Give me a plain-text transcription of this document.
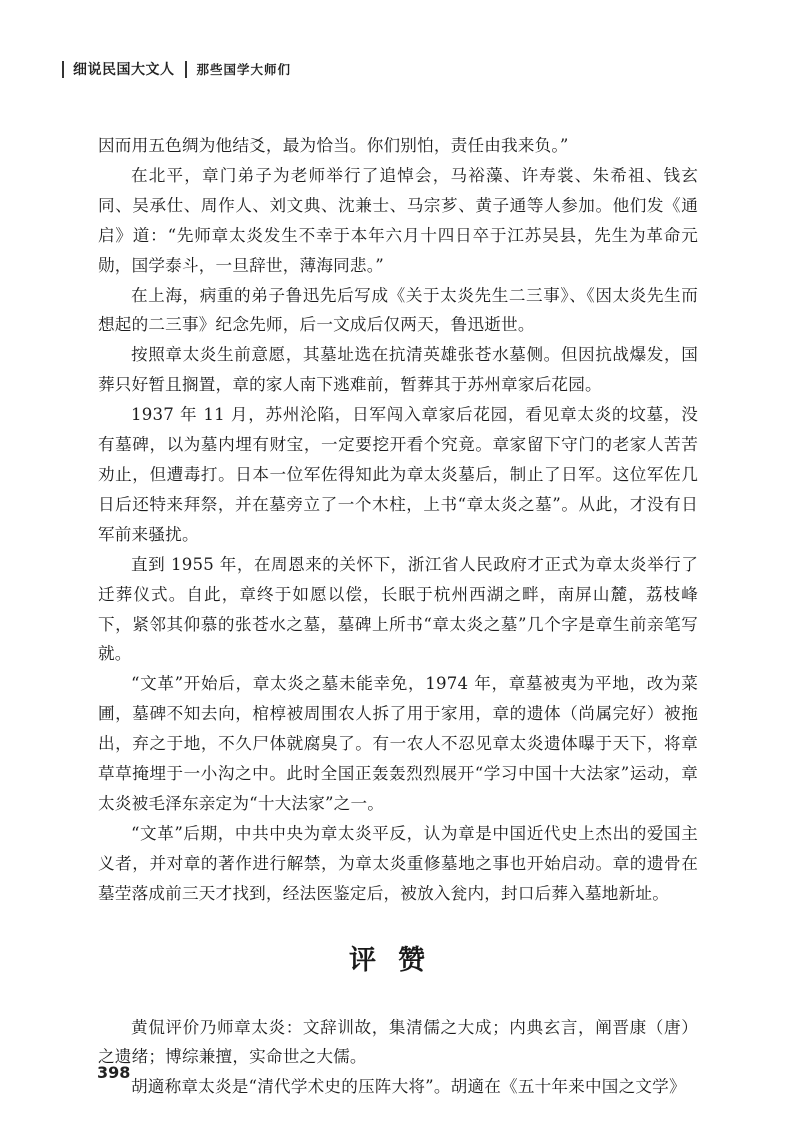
细说民国大文人 那些国学大师们

因而用五色绸为他结爻，最为恰当。你们别怕，责任由我来负。”

在北平，章门弟子为老师举行了追悼会，马裕藻、许寿裳、朱希祖、钱玄同、吴承仕、周作人、刘文典、沈兼士、马宗芗、黄子通等人参加。他们发《通启》道：“先师章太炎发生不幸于本年六月十四日卒于江苏吴县，先生为革命元勋，国学泰斗，一旦辞世，薄海同悲。”

在上海，病重的弟子鲁迅先后写成《关于太炎先生二三事》、《因太炎先生而想起的二三事》纪念先师，后一文成后仅两天，鲁迅逝世。

按照章太炎生前意愿，其墓址选在抗清英雄张苍水墓侧。但因抗战爆发，国葬只好暂且搁置，章的家人南下逃难前，暂葬其于苏州章家后花园。

1937 年 11 月，苏州沦陷，日军闯入章家后花园，看见章太炎的坟墓，没有墓碑，以为墓内埋有财宝，一定要挖开看个究竟。章家留下守门的老家人苦苦劝止，但遭毒打。日本一位军佐得知此为章太炎墓后，制止了日军。这位军佐几日后还特来拜祭，并在墓旁立了一个木柱，上书“章太炎之墓”。从此，才没有日军前来骚扰。

直到 1955 年，在周恩来的关怀下，浙江省人民政府才正式为章太炎举行了迁葬仪式。自此，章终于如愿以偿，长眠于杭州西湖之畔，南屏山麓，荔枝峰下，紧邻其仰慕的张苍水之墓，墓碑上所书“章太炎之墓”几个字是章生前亲笔写就。

“文革”开始后，章太炎之墓未能幸免，1974 年，章墓被夷为平地，改为菜圃，墓碑不知去向，棺椁被周围农人拆了用于家用，章的遗体（尚属完好）被拖出，弃之于地，不久尸体就腐臭了。有一农人不忍见章太炎遗体曝于天下，将章草草掩埋于一小沟之中。此时全国正轰轰烈烈展开“学习中国十大法家”运动，章太炎被毛泽东亲定为“十大法家”之一。

“文革”后期，中共中央为章太炎平反，认为章是中国近代史上杰出的爱国主义者，并对章的著作进行解禁，为章太炎重修墓地之事也开始启动。章的遗骨在墓茔落成前三天才找到，经法医鉴定后，被放入瓮内，封口后葬入墓地新址。

评赞

黄侃评价乃师章太炎：文辞训故，集清儒之大成；内典玄言，阐晋康（唐）之遗绪；博综兼擅，实命世之大儒。

胡適称章太炎是“清代学术史的压阵大将”。胡適在《五十年来中国之文学》

398
